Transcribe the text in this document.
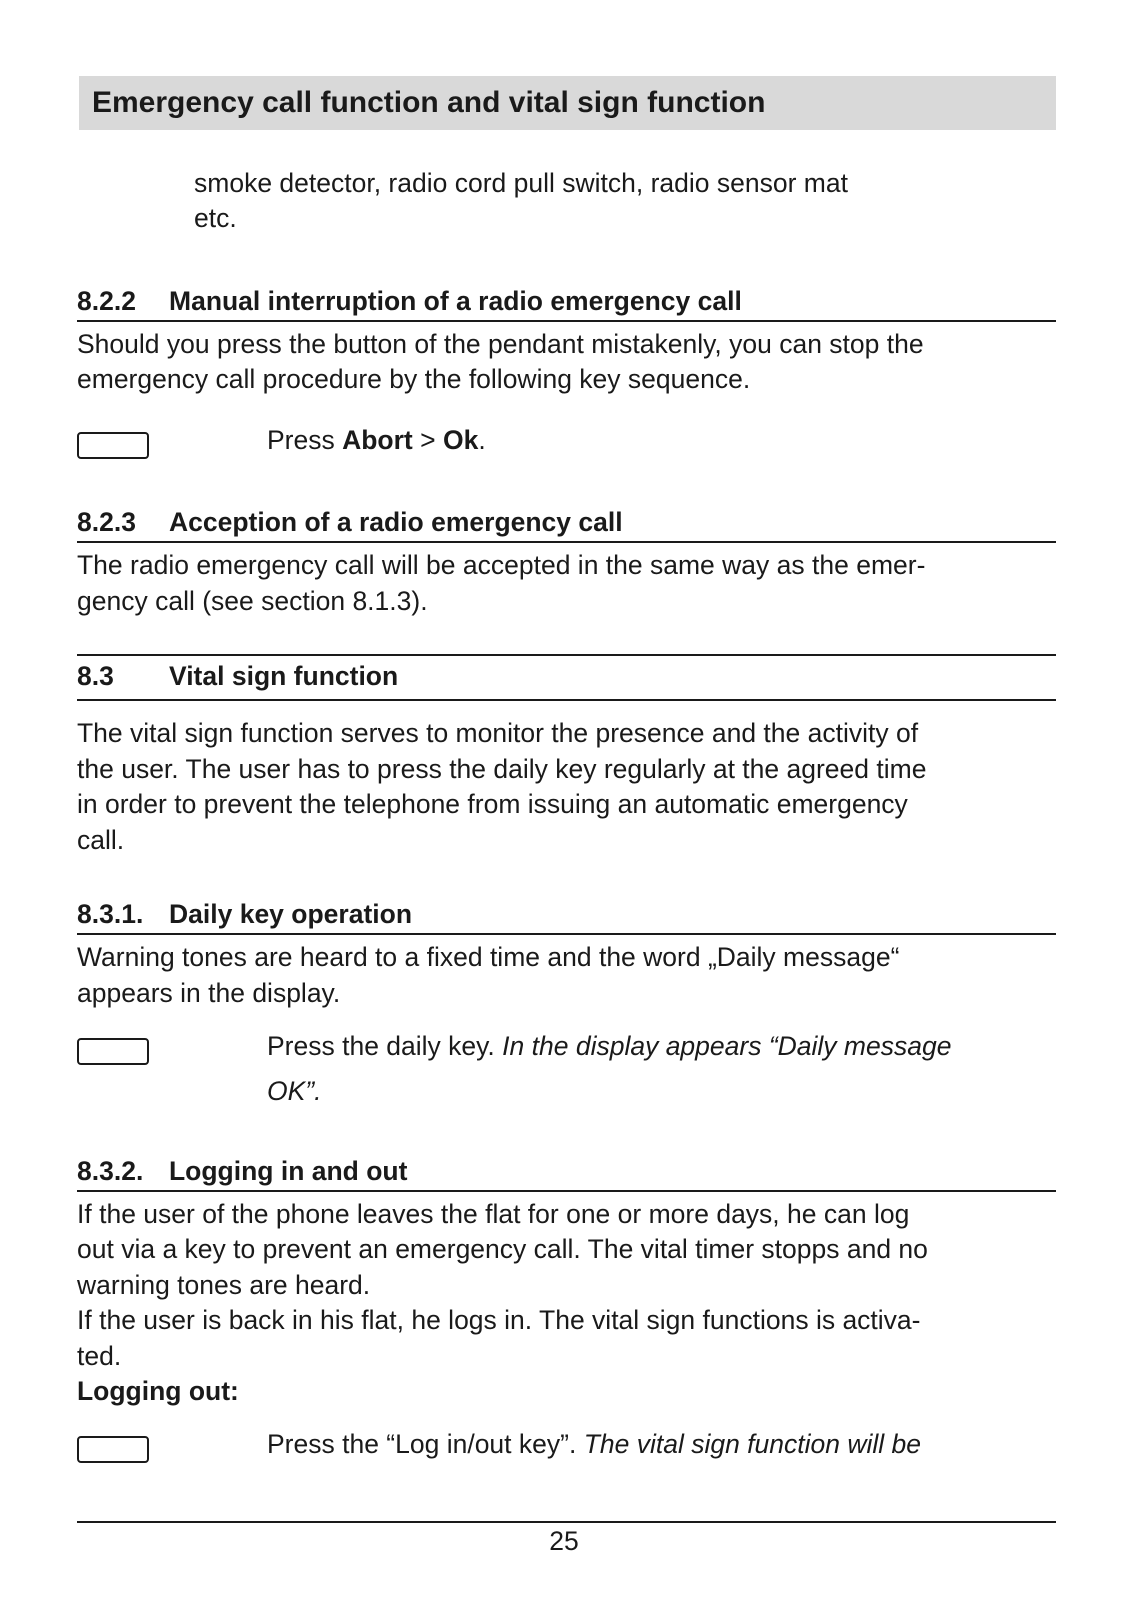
Emergency call function and vital sign function
smoke detector, radio cord pull switch, radio sensor mat
etc.
8.2.2 Manual interruption of a radio emergency call
Should you press the button of the pendant mistakenly, you can stop the
emergency call procedure by the following key sequence.
Press Abort > Ok.
8.2.3 Acception of a radio emergency call
The radio emergency call will be accepted in the same way as the emer-
gency call (see section 8.1.3).
8.3 Vital sign function
The vital sign function serves to monitor the presence and the activity of
the user. The user has to press the daily key regularly at the agreed time
in order to prevent the telephone from issuing an automatic emergency
call.
8.3.1. Daily key operation
Warning tones are heard to a fixed time and the word „Daily message“
appears in the display.
Press the daily key. In the display appears “Daily message
OK”.
8.3.2. Logging in and out
If the user of the phone leaves the flat for one or more days, he can log
out via a key to prevent an emergency call. The vital timer stopps and no
warning tones are heard.
If the user is back in his flat, he logs in. The vital sign functions is activa-
ted.
Logging out:
Press the “Log in/out key”. The vital sign function will be
25
